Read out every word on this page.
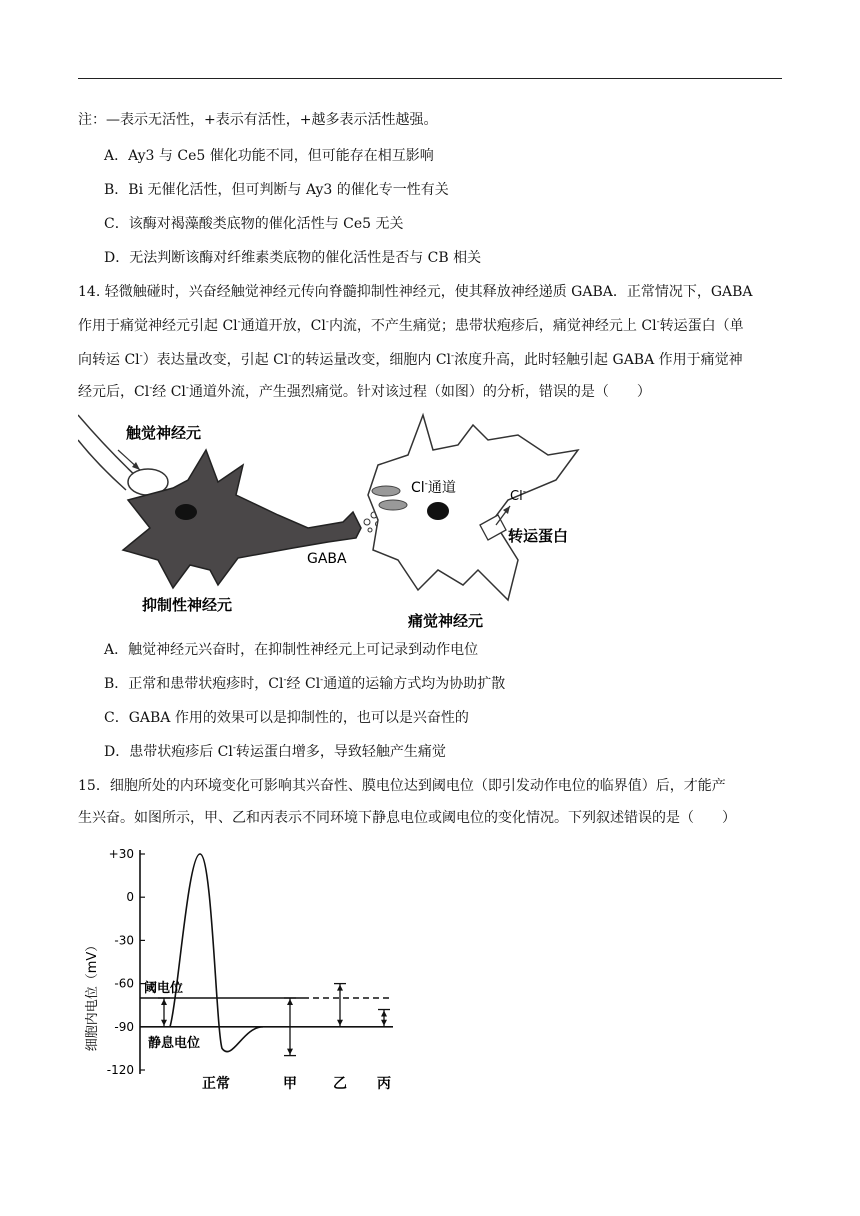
注：—表示无活性，+表示有活性，+越多表示活性越强。
A．Ay3 与 Ce5 催化功能不同，但可能存在相互影响
B．Bi 无催化活性，但可判断与 Ay3 的催化专一性有关
C．该酶对褐藻酸类底物的催化活性与 Ce5 无关
D．无法判断该酶对纤维素类底物的催化活性是否与 CB 相关
14. 轻微触碰时，兴奋经触觉神经元传向脊髓抑制性神经元，使其释放神经递质 GABA．正常情况下，GABA
作用于痛觉神经元引起 Cl-通道开放，Cl-内流，不产生痛觉；患带状疱疹后，痛觉神经元上 Cl-转运蛋白（单
向转运 Cl-）表达量改变，引起 Cl-的转运量改变，细胞内 Cl-浓度升高，此时轻触引起 GABA 作用于痛觉神
经元后，Cl-经 Cl-通道外流，产生强烈痛觉。针对该过程（如图）的分析，错误的是（　　）
触觉神经元
抑制性神经元
痛觉神经元
GABA
Cl-通道
Cl-
转运蛋白
A．触觉神经元兴奋时，在抑制性神经元上可记录到动作电位
B．正常和患带状疱疹时，Cl-经 Cl-通道的运输方式均为协助扩散
C．GABA 作用的效果可以是抑制性的，也可以是兴奋性的
D．患带状疱疹后 Cl-转运蛋白增多，导致轻触产生痛觉
15．细胞所处的内环境变化可影响其兴奋性、膜电位达到阈电位（即引发动作电位的临界值）后，才能产
生兴奋。如图所示，甲、乙和丙表示不同环境下静息电位或阈电位的变化情况。下列叙述错误的是（　　）
细胞内电位（mV）
+30
0
-30
-60
-90
-120
阈电位
静息电位
正常	甲	乙 丙
